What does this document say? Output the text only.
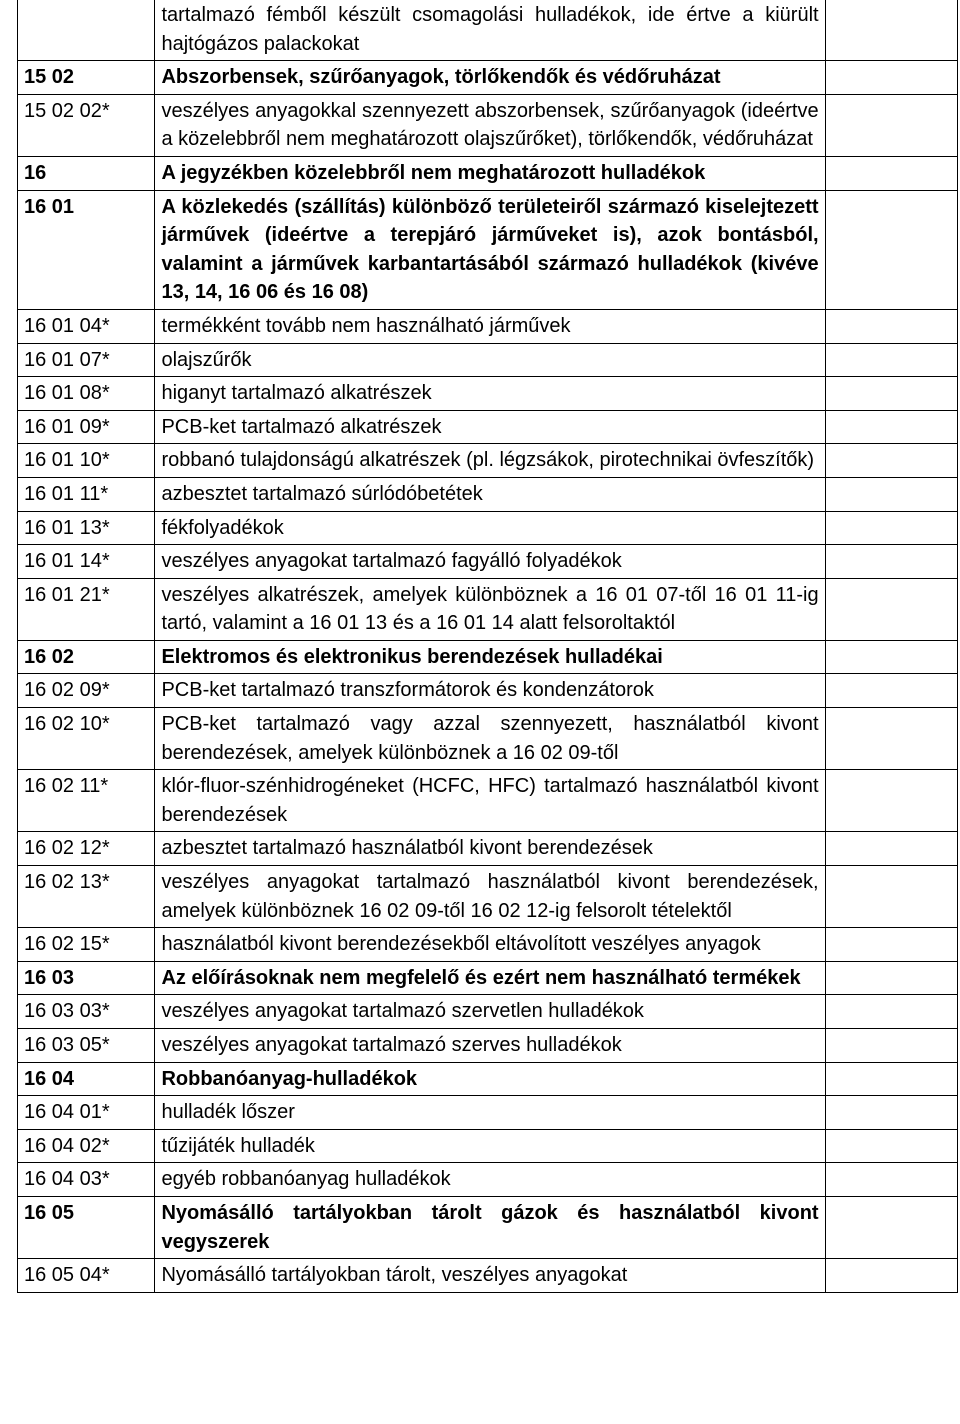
	tartalmazó fémből készült csomagolási hulladékok, ide értve a kiürült hajtógázos palackokat	
15 02	Abszorbensek, szűrőanyagok, törlőkendők és védőruházat	
15 02 02*	veszélyes anyagokkal szennyezett abszorbensek, szűrőanyagok (ideértve a közelebbről nem meghatározott olajszűrőket), törlőkendők, védőruházat	
16	A jegyzékben közelebbről nem meghatározott hulladékok	
16 01	A közlekedés (szállítás) különböző területeiről származó kiselejtezett járművek (ideértve a terepjáró járműveket is), azok bontásból, valamint a járművek karbantartásából származó hulladékok (kivéve 13, 14, 16 06 és 16 08)	
16 01 04*	termékként tovább nem használható járművek	
16 01 07*	olajszűrők	
16 01 08*	higanyt tartalmazó alkatrészek	
16 01 09*	PCB-ket tartalmazó alkatrészek	
16 01 10*	robbanó tulajdonságú alkatrészek (pl. légzsákok, pirotechnikai övfeszítők)	
16 01 11*	azbesztet tartalmazó súrlódóbetétek	
16 01 13*	fékfolyadékok	
16 01 14*	veszélyes anyagokat tartalmazó fagyálló folyadékok	
16 01 21*	veszélyes alkatrészek, amelyek különböznek a 16 01 07-től 16 01 11-ig tartó, valamint a 16 01 13 és a 16 01 14 alatt felsoroltaktól	
16 02	Elektromos és elektronikus berendezések hulladékai	
16 02 09*	PCB-ket tartalmazó transzformátorok és kondenzátorok	
16 02 10*	PCB-ket tartalmazó vagy azzal szennyezett, használatból kivont berendezések, amelyek különböznek a 16 02 09-től	
16 02 11*	klór-fluor-szénhidrogéneket (HCFC, HFC) tartalmazó használatból kivont berendezések	
16 02 12*	azbesztet tartalmazó használatból kivont berendezések	
16 02 13*	veszélyes anyagokat tartalmazó használatból kivont berendezések, amelyek különböznek 16 02 09-től 16 02 12-ig felsorolt tételektől	
16 02 15*	használatból kivont berendezésekből eltávolított veszélyes anyagok	
16 03	Az előírásoknak nem megfelelő és ezért nem használható termékek	
16 03 03*	veszélyes anyagokat tartalmazó szervetlen hulladékok	
16 03 05*	veszélyes anyagokat tartalmazó szerves hulladékok	
16 04	Robbanóanyag-hulladékok	
16 04 01*	hulladék lőszer	
16 04 02*	tűzijáték hulladék	
16 04 03*	egyéb robbanóanyag hulladékok	
16 05	Nyomásálló tartályokban tárolt gázok és használatból kivont vegyszerek	
16 05 04*	Nyomásálló tartályokban tárolt, veszélyes anyagokat	
